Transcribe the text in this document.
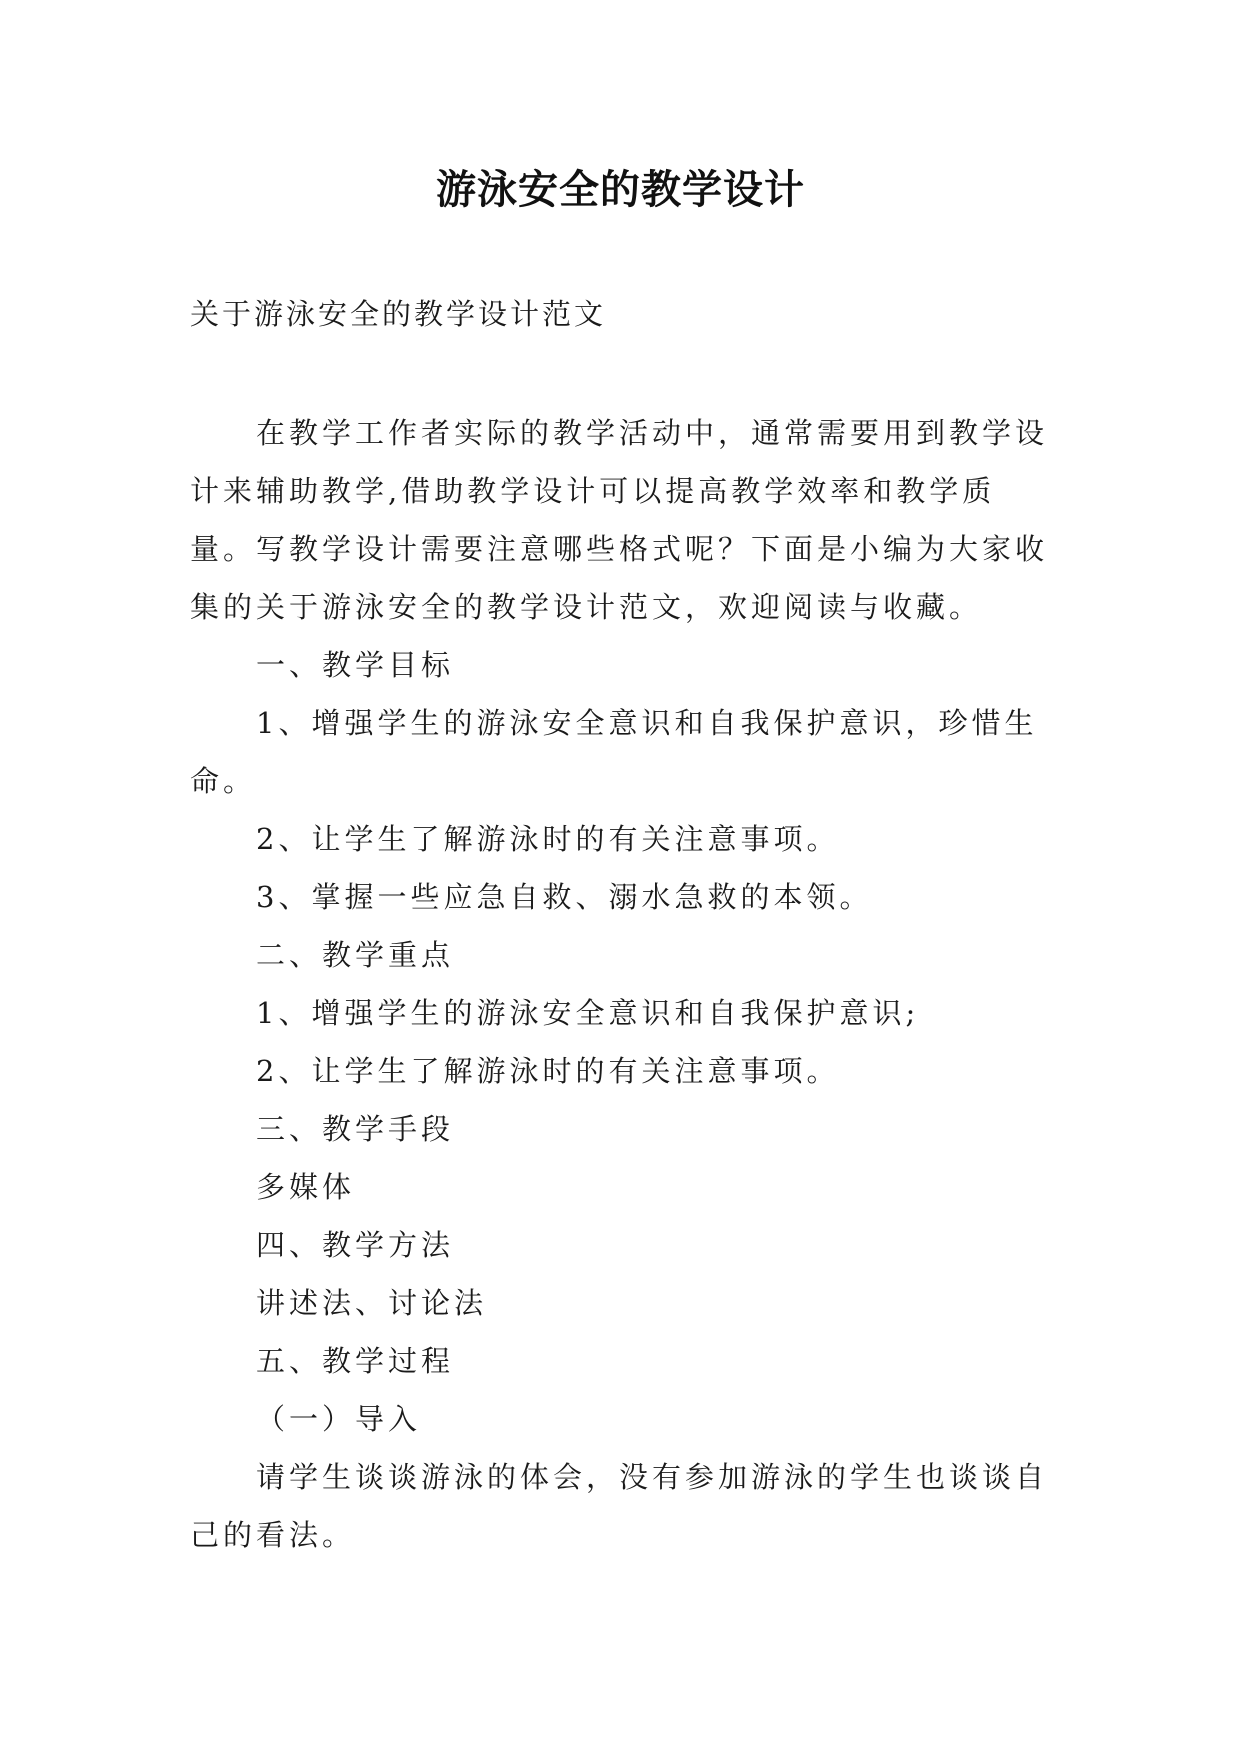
游泳安全的教学设计
关于游泳安全的教学设计范文

在教学工作者实际的教学活动中，通常需要用到教学设计来辅助教学,借助教学设计可以提高教学效率和教学质量。写教学设计需要注意哪些格式呢？下面是小编为大家收集的关于游泳安全的教学设计范文，欢迎阅读与收藏。

一、教学目标

1、增强学生的游泳安全意识和自我保护意识，珍惜生命。

2、让学生了解游泳时的有关注意事项。

3、掌握一些应急自救、溺水急救的本领。

二、教学重点

1、增强学生的游泳安全意识和自我保护意识;

2、让学生了解游泳时的有关注意事项。

三、教学手段

多媒体

四、教学方法

讲述法、讨论法

五、教学过程

（一）导入

请学生谈谈游泳的体会，没有参加游泳的学生也谈谈自己的看法。
